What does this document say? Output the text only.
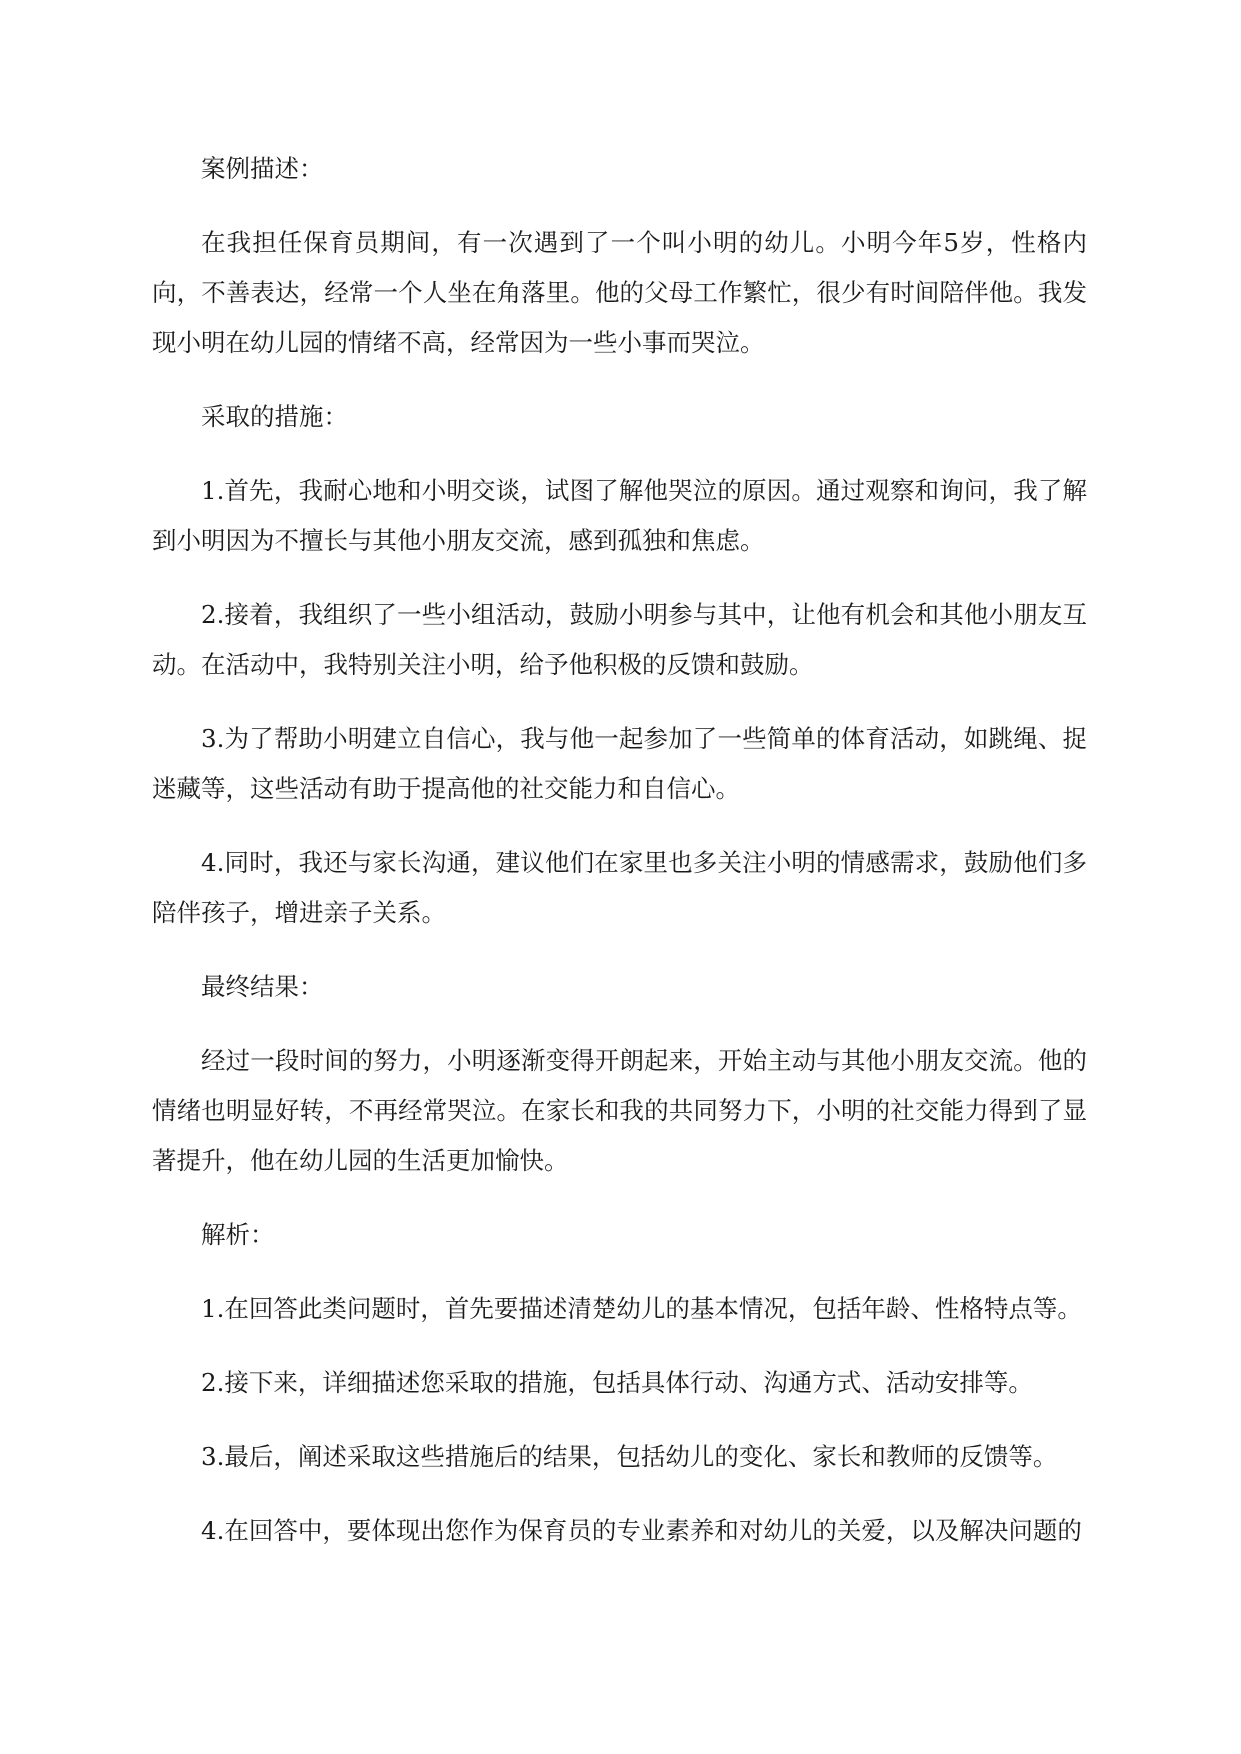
案例描述：

在我担任保育员期间，有一次遇到了一个叫小明的幼儿。小明今年5岁，性格内向，不善表达，经常一个人坐在角落里。他的父母工作繁忙，很少有时间陪伴他。我发现小明在幼儿园的情绪不高，经常因为一些小事而哭泣。

采取的措施：

1.首先，我耐心地和小明交谈，试图了解他哭泣的原因。通过观察和询问，我了解到小明因为不擅长与其他小朋友交流，感到孤独和焦虑。

2.接着，我组织了一些小组活动，鼓励小明参与其中，让他有机会和其他小朋友互动。在活动中，我特别关注小明，给予他积极的反馈和鼓励。

3.为了帮助小明建立自信心，我与他一起参加了一些简单的体育活动，如跳绳、捉迷藏等，这些活动有助于提高他的社交能力和自信心。

4.同时，我还与家长沟通，建议他们在家里也多关注小明的情感需求，鼓励他们多陪伴孩子，增进亲子关系。

最终结果：

经过一段时间的努力，小明逐渐变得开朗起来，开始主动与其他小朋友交流。他的情绪也明显好转，不再经常哭泣。在家长和我的共同努力下，小明的社交能力得到了显著提升，他在幼儿园的生活更加愉快。

解析：

1.在回答此类问题时，首先要描述清楚幼儿的基本情况，包括年龄、性格特点等。

2.接下来，详细描述您采取的措施，包括具体行动、沟通方式、活动安排等。

3.最后，阐述采取这些措施后的结果，包括幼儿的变化、家长和教师的反馈等。

4.在回答中，要体现出您作为保育员的专业素养和对幼儿的关爱，以及解决问题的
